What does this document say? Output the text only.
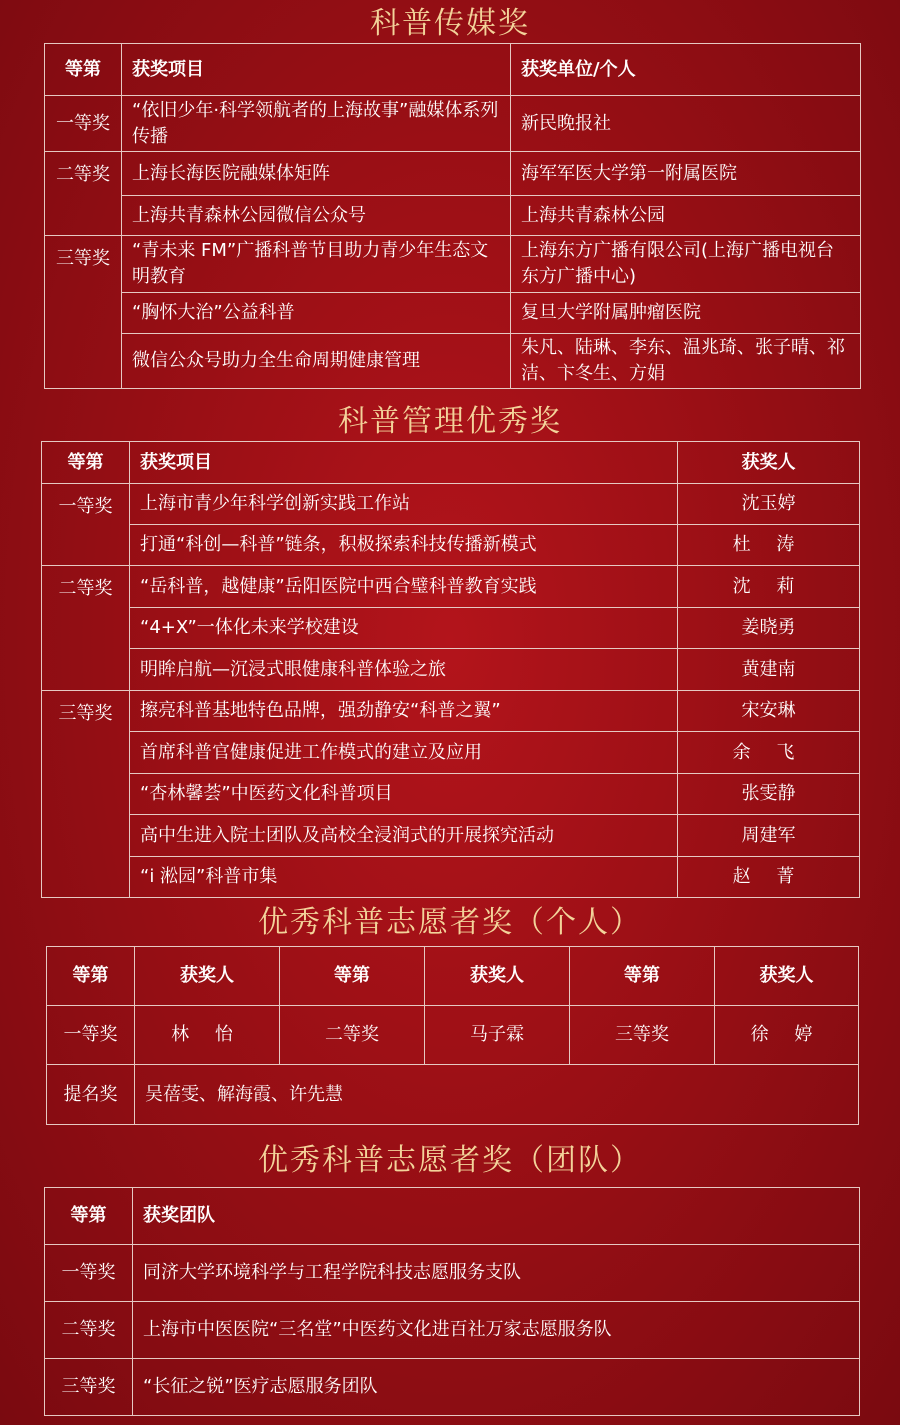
科普传媒奖
等第	获奖项目	获奖单位/个人
一等奖	“依旧少年·科学领航者的上海故事”融媒体系列传播	新民晚报社
二等奖	上海长海医院融媒体矩阵	海军军医大学第一附属医院
	上海共青森林公园微信公众号	上海共青森林公园
三等奖	“青未来 FM”广播科普节目助力青少年生态文明教育	上海东方广播有限公司(上海广播电视台东方广播中心)
	“胸怀大治”公益科普	复旦大学附属肿瘤医院
	微信公众号助力全生命周期健康管理	朱凡、陆琳、李东、温兆琦、张子晴、祁洁、卞冬生、方娟
科普管理优秀奖
等第	获奖项目	获奖人
一等奖	上海市青少年科学创新实践工作站	沈玉婷
	打通“科创—科普”链条，积极探索科技传播新模式	杜 涛
二等奖	“岳科普，越健康”岳阳医院中西合璧科普教育实践	沈 莉
	“4+X”一体化未来学校建设	姜晓勇
	明眸启航—沉浸式眼健康科普体验之旅	黄建南
三等奖	擦亮科普基地特色品牌，强劲静安“科普之翼”	宋安琳
	首席科普官健康促进工作模式的建立及应用	余 飞
	“杏林馨荟”中医药文化科普项目	张雯静
	高中生进入院士团队及高校全浸润式的开展探究活动	周建军
	“i 淞园”科普市集	赵 菁
优秀科普志愿者奖（个人）
等第	获奖人	等第	获奖人	等第	获奖人
一等奖	林 怡	二等奖	马子霖	三等奖	徐 婷
提名奖	吴蓓雯、解海霞、许先慧				
优秀科普志愿者奖（团队）
等第	获奖团队
一等奖	同济大学环境科学与工程学院科技志愿服务支队
二等奖	上海市中医医院“三名堂”中医药文化进百社万家志愿服务队
三等奖	“长征之锐”医疗志愿服务团队
